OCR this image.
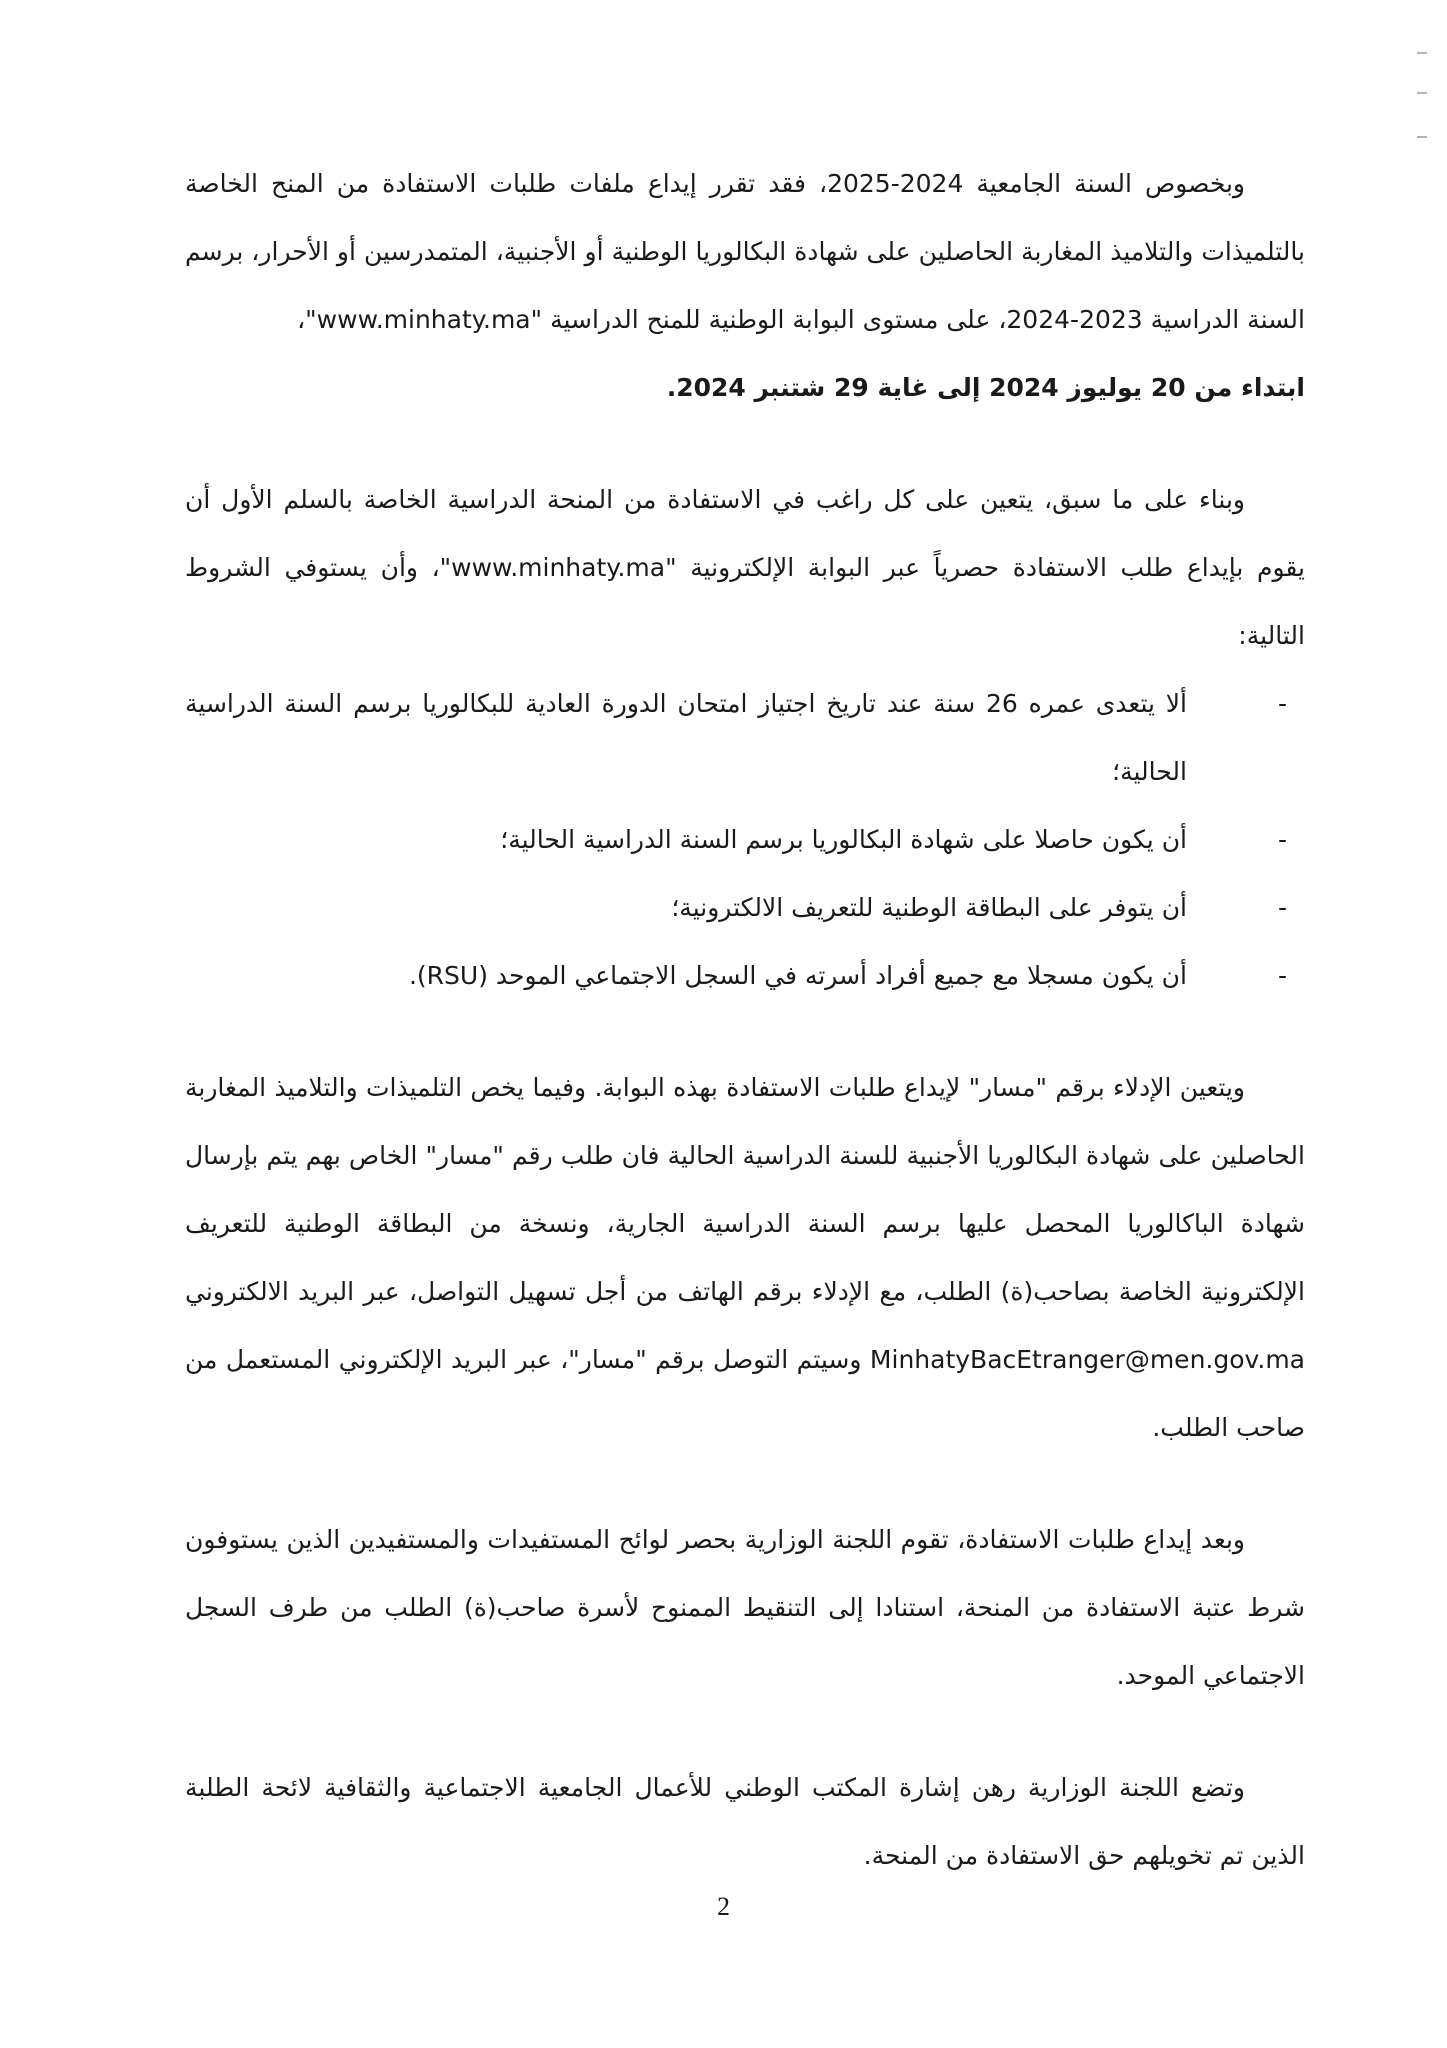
وبخصوص السنة الجامعية 2024-2025، فقد تقرر إيداع ملفات طلبات الاستفادة من المنح الخاصة بالتلميذات والتلاميذ المغاربة الحاصلين على شهادة البكالوريا الوطنية أو الأجنبية، المتمدرسين أو الأحرار، برسم السنة الدراسية 2023-2024، على مستوى البوابة الوطنية للمنح الدراسية "www.minhaty.ma"،

ابتداء من 20 يوليوز 2024 إلى غاية 29 شتنبر 2024.

وبناء على ما سبق، يتعين على كل راغب في الاستفادة من المنحة الدراسية الخاصة بالسلم الأول أن يقوم بإيداع طلب الاستفادة حصرياً عبر البوابة الإلكترونية "www.minhaty.ma"، وأن يستوفي الشروط التالية:

-
ألا يتعدى عمره 26 سنة عند تاريخ اجتياز امتحان الدورة العادية للبكالوريا برسم السنة الدراسية الحالية؛
-
أن يكون حاصلا على شهادة البكالوريا برسم السنة الدراسية الحالية؛
-
أن يتوفر على البطاقة الوطنية للتعريف الالكترونية؛
-
أن يكون مسجلا مع جميع أفراد أسرته في السجل الاجتماعي الموحد (RSU).

ويتعين الإدلاء برقم "مسار" لإيداع طلبات الاستفادة بهذه البوابة. وفيما يخص التلميذات والتلاميذ المغاربة الحاصلين على شهادة البكالوريا الأجنبية للسنة الدراسية الحالية فان طلب رقم "مسار" الخاص بهم يتم بإرسال شهادة الباكالوريا المحصل عليها برسم السنة الدراسية الجارية، ونسخة من البطاقة الوطنية للتعريف الإلكترونية الخاصة بصاحب(ة) الطلب، مع الإدلاء برقم الهاتف من أجل تسهيل التواصل، عبر البريد الالكتروني MinhatyBacEtranger@men.gov.ma وسيتم التوصل برقم "مسار"، عبر البريد الإلكتروني المستعمل من صاحب الطلب.

وبعد إيداع طلبات الاستفادة، تقوم اللجنة الوزارية بحصر لوائح المستفيدات والمستفيدين الذين يستوفون شرط عتبة الاستفادة من المنحة، استنادا إلى التنقيط الممنوح لأسرة صاحب(ة) الطلب من طرف السجل الاجتماعي الموحد.

وتضع اللجنة الوزارية رهن إشارة المكتب الوطني للأعمال الجامعية الاجتماعية والثقافية لائحة الطلبة الذين تم تخويلهم حق الاستفادة من المنحة.

2
